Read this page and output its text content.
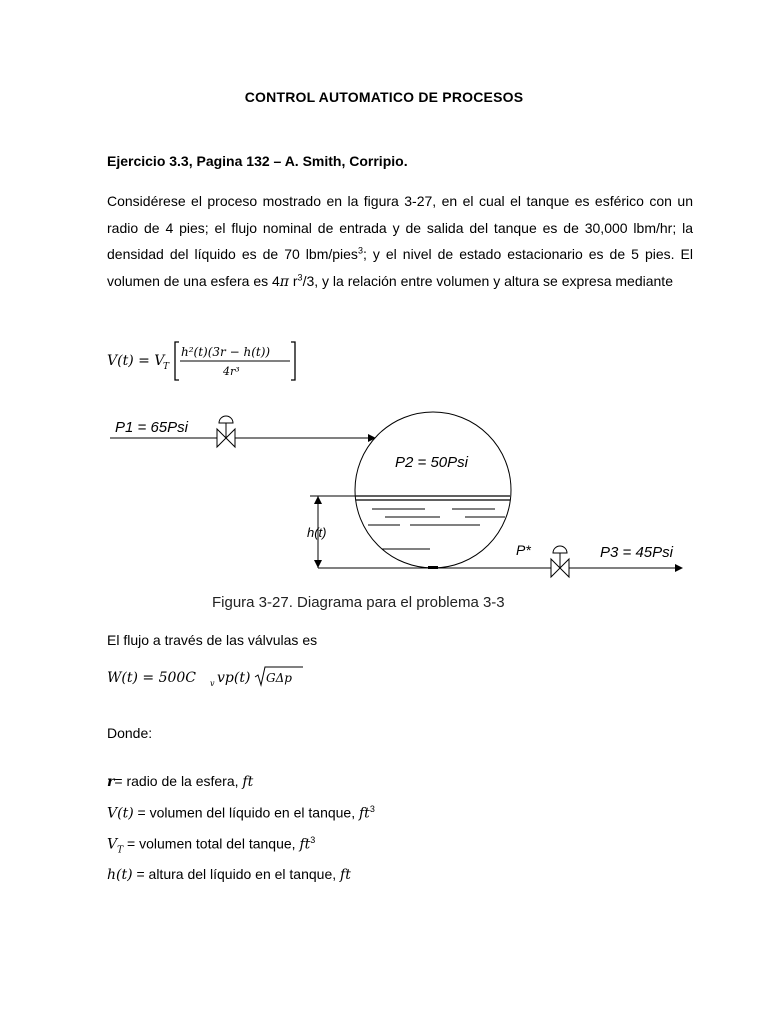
CONTROL AUTOMATICO DE PROCESOS
Ejercicio 3.3, Pagina 132 – A. Smith, Corripio.
Considérese el proceso mostrado en la figura 3-27, en el cual el tanque es esférico con un radio de 4 pies; el flujo nominal de entrada y de salida del tanque es de 30,000 lbm/hr; la densidad del líquido es de 70 lbm/pies$^3$; y el nivel de estado estacionario es de 5 pies. El volumen de una esfera es 4π $r^3/3$, y la relación entre volumen y altura se expresa mediante
V(t) = V
T
h²(t)(3r − h(t))
4r³
P1 = 65Psi
P2 = 50Psi
h(t)
P*	P3 = 45Psi
Figura 3-27. Diagrama para el problema 3-3
El flujo a través de las válvulas es
W(t) = 500C v vp(t) GΔp
Donde:
r= radio de la esfera, ft
V(t) = volumen del líquido en el tanque, $ft^3$
$V_T$ = volumen total del tanque, $ft^3$
h(t) = altura del líquido en el tanque, ft
